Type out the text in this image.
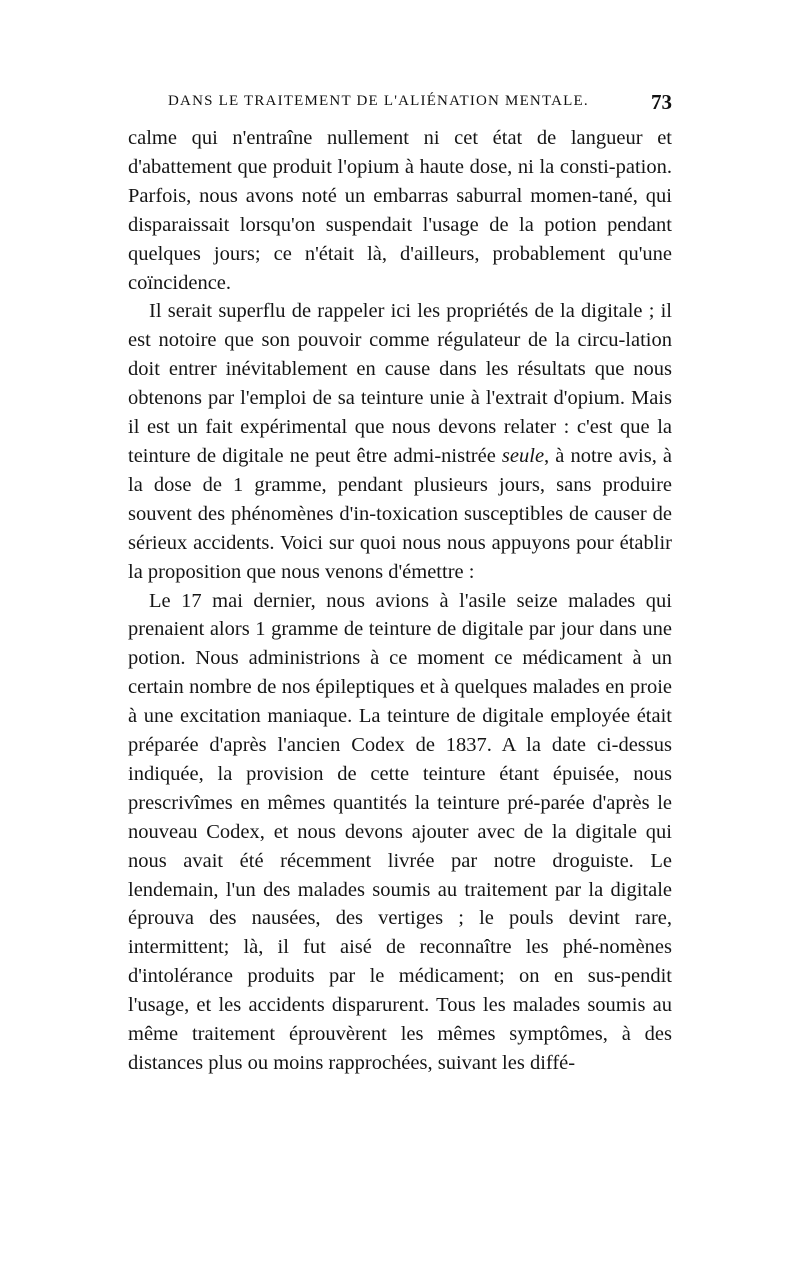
DANS LE TRAITEMENT DE L'ALIÉNATION MENTALE.	73

calme qui n'entraîne nullement ni cet état de langueur et d'abattement que produit l'opium à haute dose, ni la consti-pation. Parfois, nous avons noté un embarras saburral momen-tané, qui disparaissait lorsqu'on suspendait l'usage de la potion pendant quelques jours; ce n'était là, d'ailleurs, probablement qu'une coïncidence.

Il serait superflu de rappeler ici les propriétés de la digitale ; il est notoire que son pouvoir comme régulateur de la circu-lation doit entrer inévitablement en cause dans les résultats que nous obtenons par l'emploi de sa teinture unie à l'extrait d'opium. Mais il est un fait expérimental que nous devons relater : c'est que la teinture de digitale ne peut être admi-nistrée seule, à notre avis, à la dose de 1 gramme, pendant plusieurs jours, sans produire souvent des phénomènes d'in-toxication susceptibles de causer de sérieux accidents. Voici sur quoi nous nous appuyons pour établir la proposition que nous venons d'émettre :

Le 17 mai dernier, nous avions à l'asile seize malades qui prenaient alors 1 gramme de teinture de digitale par jour dans une potion. Nous administrions à ce moment ce médicament à un certain nombre de nos épileptiques et à quelques malades en proie à une excitation maniaque. La teinture de digitale employée était préparée d'après l'ancien Codex de 1837. A la date ci-dessus indiquée, la provision de cette teinture étant épuisée, nous prescrivîmes en mêmes quantités la teinture pré-parée d'après le nouveau Codex, et nous devons ajouter avec de la digitale qui nous avait été récemment livrée par notre droguiste. Le lendemain, l'un des malades soumis au traitement par la digitale éprouva des nausées, des vertiges ; le pouls devint rare, intermittent; là, il fut aisé de reconnaître les phé-nomènes d'intolérance produits par le médicament; on en sus-pendit l'usage, et les accidents disparurent. Tous les malades soumis au même traitement éprouvèrent les mêmes symptômes, à des distances plus ou moins rapprochées, suivant les diffé-
